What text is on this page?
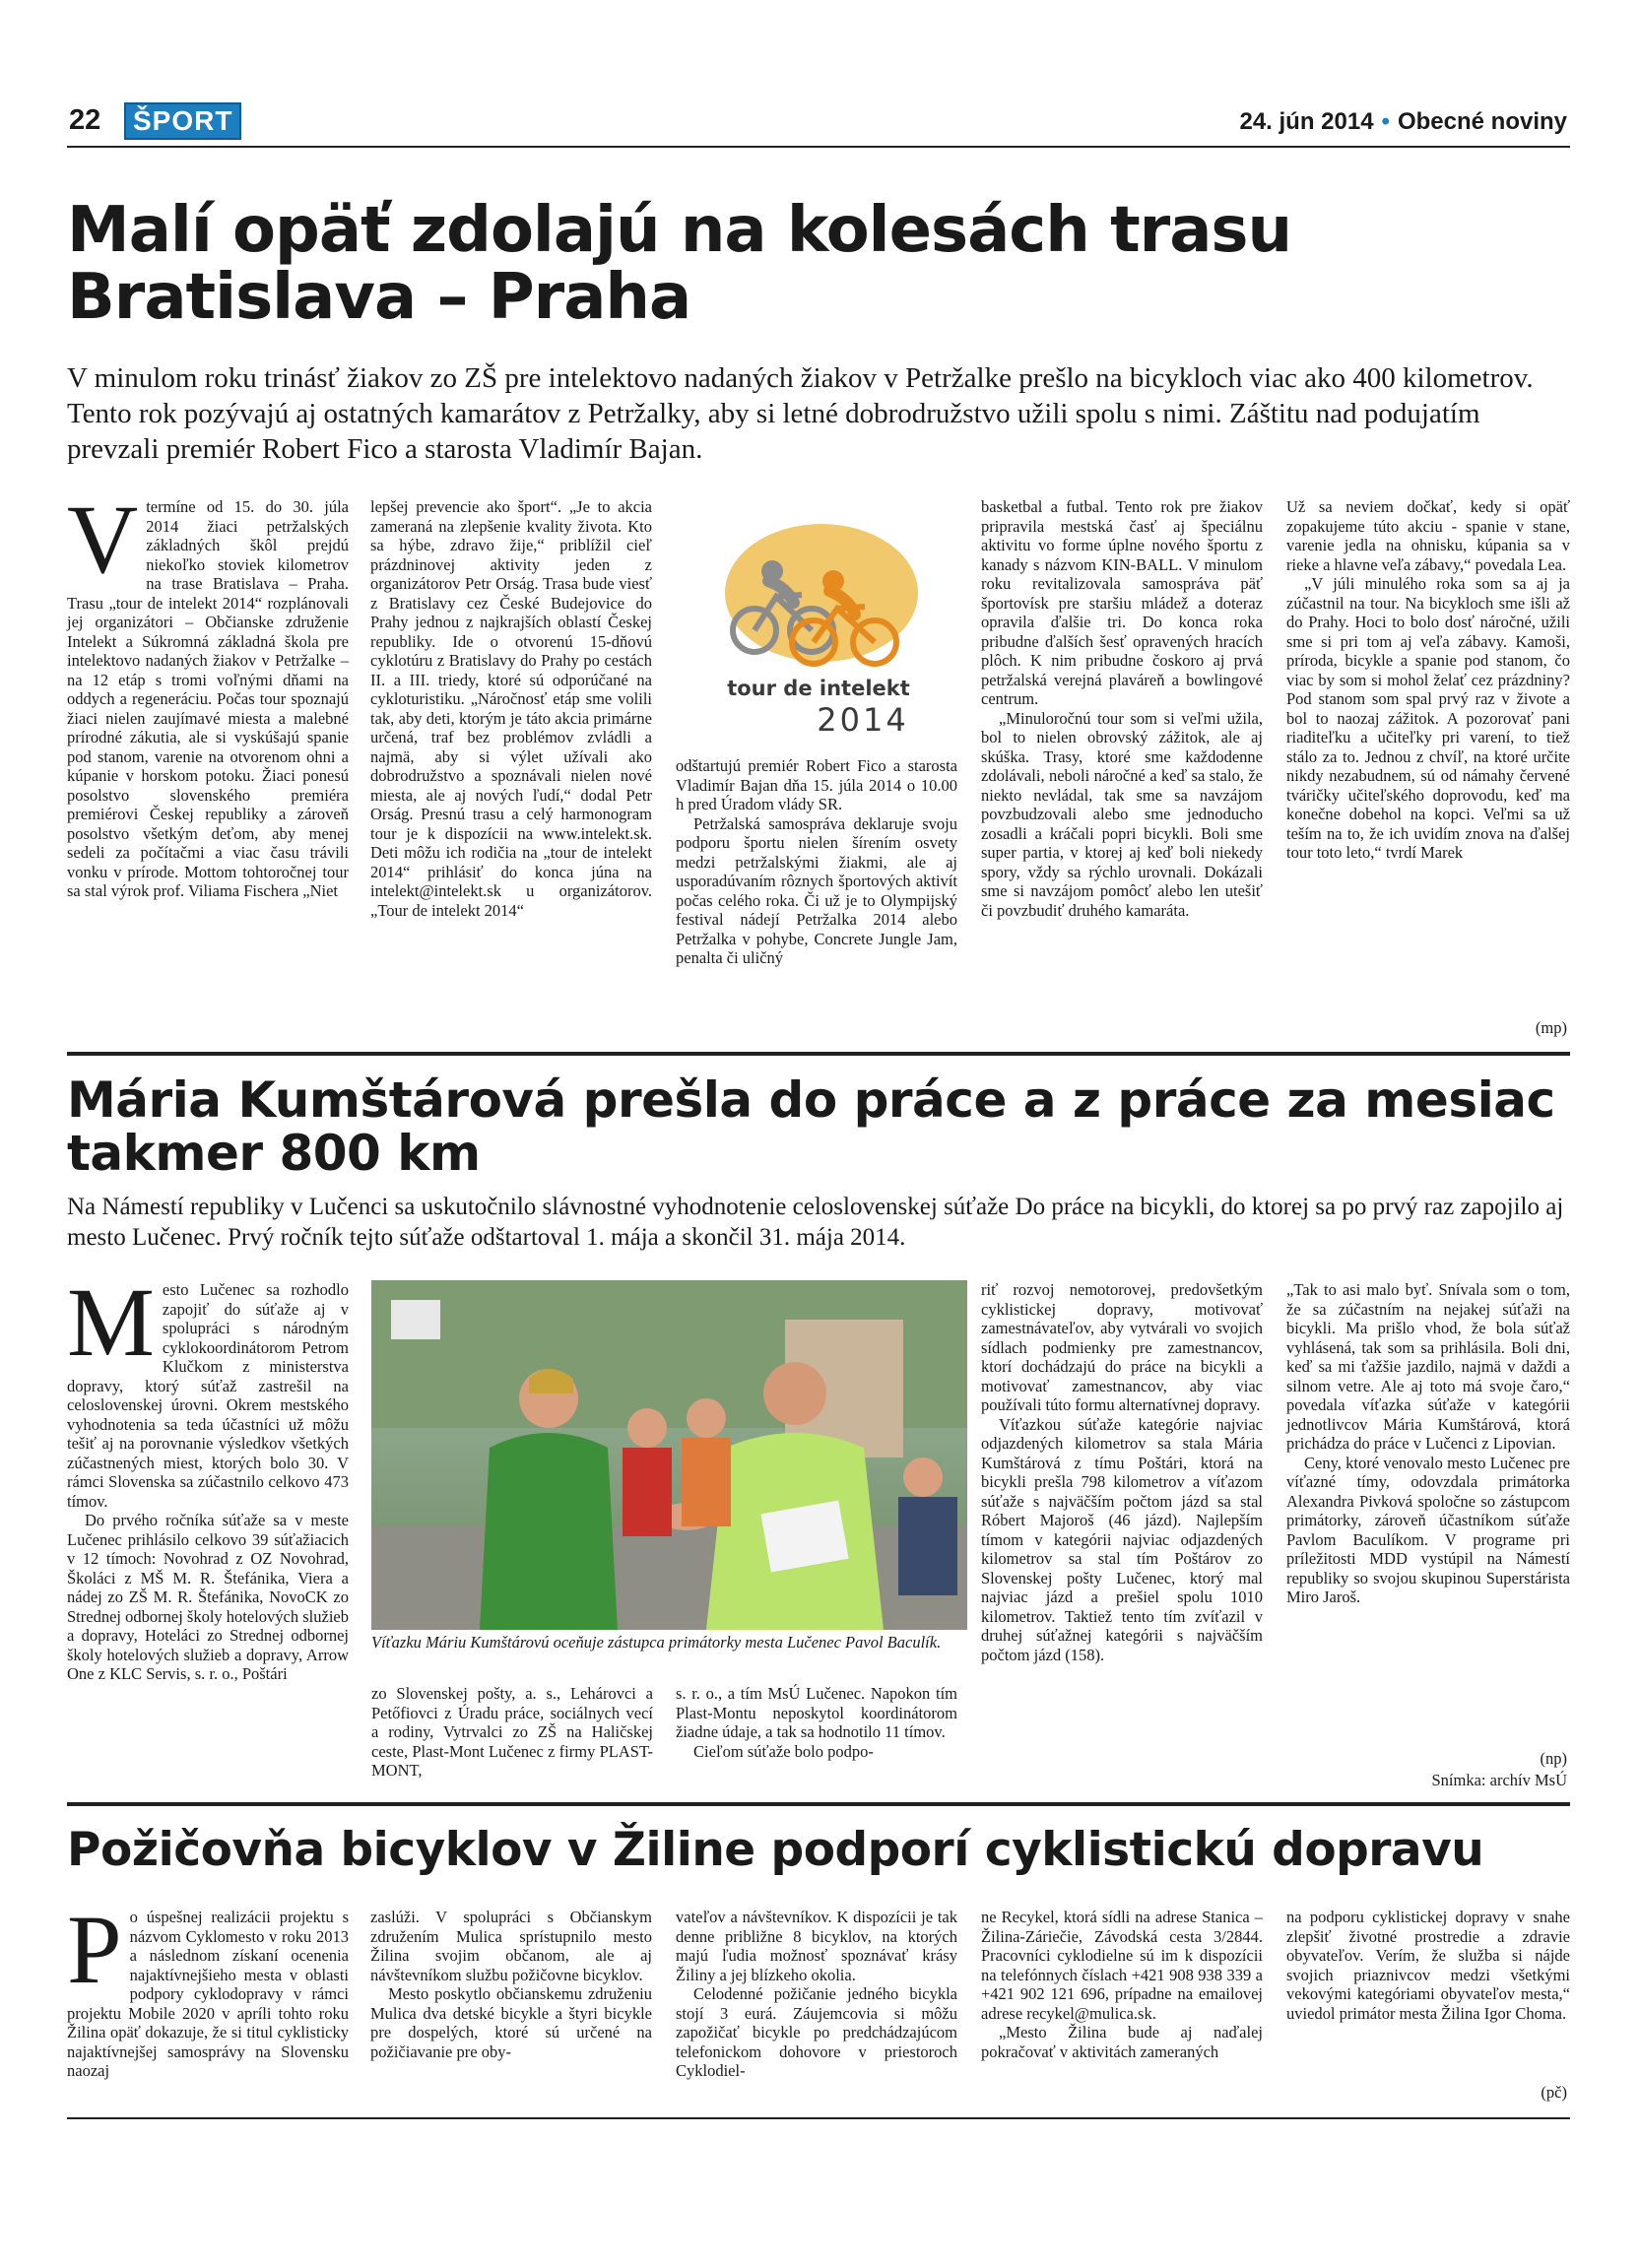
22	ŠPORT	24. jún 2014 • Obecné noviny
Malí opäť zdolajú na kolesách trasu Bratislava – Praha

V minulom roku trinásť žiakov zo ZŠ pre intelektovo nadaných žiakov v Petržalke prešlo na bicykloch viac ako 400 kilometrov. Tento rok pozývajú aj ostatných kamarátov z Petržalky, aby si letné dobrodružstvo užili spolu s nimi. Záštitu nad podujatím prevzali premiér Robert Fico a starosta Vladimír Bajan.

V termíne od 15. do 30. júla 2014 žiaci petržalských základných škôl prejdú niekoľko stoviek kilometrov na trase Bratislava – Praha. Trasu „tour de intelekt 2014“ rozplánovali jej organizátori – Občianske združenie Intelekt a Súkromná základná škola pre intelektovo nadaných žiakov v Petržalke – na 12 etáp s tromi voľnými dňami na oddych a regeneráciu. Počas tour spoznajú žiaci nielen zaujímavé miesta a malebné prírodné zákutia, ale si vyskúšajú spanie pod stanom, varenie na otvorenom ohni a kúpanie v horskom potoku. Žiaci ponesú posolstvo slovenského premiéra premiérovi Českej republiky a zároveň posolstvo všetkým deťom, aby menej sedeli za počítačmi a viac času trávili vonku v prírode. Mottom tohtoročnej tour sa stal výrok prof. Viliama Fischera „Niet
lepšej prevencie ako šport“. „Je to akcia zameraná na zlepšenie kvality života. Kto sa hýbe, zdravo žije,“ priblížil cieľ prázdninovej aktivity jeden z organizátorov Petr Orság. Trasa bude viesť z Bratislavy cez České Budejovice do Prahy jednou z najkrajších oblastí Českej republiky. Ide o otvorenú 15-dňovú cyklotúru z Bratislavy do Prahy po cestách II. a III. triedy, ktoré sú odporúčané na cykloturistiku. „Náročnosť etáp sme volili tak, aby deti, ktorým je táto akcia primárne určená, traf bez problémov zvládli a najmä, aby si výlet užívali ako dobrodružstvo a spoznávali nielen nové miesta, ale aj nových ľudí,“ dodal Petr Orság. Presnú trasu a celý harmonogram tour je k dispozícii na www.intelekt.sk. Deti môžu ich rodičia na „tour de intelekt 2014“ prihlásiť do konca júna na intelekt@intelekt.sk u organizátorov. „Tour de intelekt 2014“
tour de intelekt
2014

odštartujú premiér Robert Fico a starosta Vladimír Bajan dňa 15. júla 2014 o 10.00 h pred Úradom vlády SR.

Petržalská samospráva deklaruje svoju podporu športu nielen šírením osvety medzi petržalskými žiakmi, ale aj usporadúvaním rôznych športových aktivít počas celého roka. Či už je to Olympijský festival nádejí Petržalka 2014 alebo Petržalka v pohybe, Concrete Jungle Jam, penalta či uličný

basketbal a futbal. Tento rok pre žiakov pripravila mestská časť aj špeciálnu aktivitu vo forme úplne nového športu z kanady s názvom KIN-BALL. V minulom roku revitalizovala samospráva päť športovísk pre staršiu mládež a doteraz opravila ďalšie tri. Do konca roka pribudne ďalších šesť opravených hracích plôch. K nim pribudne čoskoro aj prvá petržalská verejná plaváreň a bowlingové centrum.

„Minuloročnú tour som si veľmi užila, bol to nielen obrovský zážitok, ale aj skúška. Trasy, ktoré sme každodenne zdolávali, neboli náročné a keď sa stalo, že niekto nevládal, tak sme sa navzájom povzbudzovali alebo sme jednoducho zosadli a kráčali popri bicykli. Boli sme super partia, v ktorej aj keď boli niekedy spory, vždy sa rýchlo urovnali. Dokázali sme si navzájom pomôcť alebo len utešiť či povzbudiť druhého kamaráta.

Už sa neviem dočkať, kedy si opäť zopakujeme túto akciu - spanie v stane, varenie jedla na ohnisku, kúpania sa v rieke a hlavne veľa zábavy,“ povedala Lea.

„V júli minulého roka som sa aj ja zúčastnil na tour. Na bicykloch sme išli až do Prahy. Hoci to bolo dosť náročné, užili sme si pri tom aj veľa zábavy. Kamoši, príroda, bicykle a spanie pod stanom, čo viac by som si mohol želať cez prázdniny? Pod stanom som spal prvý raz v živote a bol to naozaj zážitok. A pozorovať pani riaditeľku a učiteľky pri varení, to tiež stálo za to. Jednou z chvíľ, na ktoré určite nikdy nezabudnem, sú od námahy červené tváričky učiteľského doprovodu, keď ma konečne dobehol na kopci. Veľmi sa už teším na to, že ich uvidím znova na ďalšej tour toto leto,“ tvrdí Marek

(mp)
Mária Kumštárová prešla do práce a z práce za mesiac takmer 800 km

Na Námestí republiky v Lučenci sa uskutočnilo slávnostné vyhodnotenie celoslovenskej súťaže Do práce na bicykli, do ktorej sa po prvý raz zapojilo aj mesto Lučenec. Prvý ročník tejto súťaže odštartoval 1. mája a skončil 31. mája 2014.

Mesto Lučenec sa rozhodlo zapojiť do súťaže aj v spolupráci s národným cyklokoordinátorom Petrom Klučkom z ministerstva dopravy, ktorý súťaž zastrešil na celoslovenskej úrovni. Okrem mestského vyhodnotenia sa teda účastníci už môžu tešiť aj na porovnanie výsledkov všetkých zúčastnených miest, ktorých bolo 30. V rámci Slovenska sa zúčastnilo celkovo 473 tímov.

Do prvého ročníka súťaže sa v meste Lučenec prihlásilo celkovo 39 súťažiacich v 12 tímoch: Novohrad z OZ Novohrad, Školáci z MŠ M. R. Štefánika, Viera a nádej zo ZŠ M. R. Štefánika, NovoCK zo Strednej odbornej školy hotelových služieb a dopravy, Hoteláci zo Strednej odbornej školy hotelových služieb a dopravy, Arrow One z KLC Servis, s. r. o., Poštári

Víťazku Máriu Kumštárovú oceňuje zástupca primátorky mesta Lučenec Pavol Baculík.

zo Slovenskej pošty, a. s., Lehárovci a Petőfiovci z Úradu práce, sociálnych vecí a rodiny, Vytrvalci zo ZŠ na Haličskej ceste, Plast-Mont Lučenec z firmy PLAST-MONT,

s. r. o., a tím MsÚ Lučenec. Napokon tím Plast-Montu neposkytol koordinátorom žiadne údaje, a tak sa hodnotilo 11 tímov.

Cieľom súťaže bolo podpo-

riť rozvoj nemotorovej, predovšetkým cyklistickej dopravy, motivovať zamestnávateľov, aby vytvárali vo svojich sídlach podmienky pre zamestnancov, ktorí dochádzajú do práce na bicykli a motivovať zamestnancov, aby viac používali túto formu alternatívnej dopravy.

Víťazkou súťaže kategórie najviac odjazdených kilometrov sa stala Mária Kumštárová z tímu Poštári, ktorá na bicykli prešla 798 kilometrov a víťazom súťaže s najväčším počtom jázd sa stal Róbert Majoroš (46 jázd). Najlepším tímom v kategórii najviac odjazdených kilometrov sa stal tím Poštárov zo Slovenskej pošty Lučenec, ktorý mal najviac jázd a prešiel spolu 1010 kilometrov. Taktiež tento tím zvíťazil v druhej súťažnej kategórii s najväčším počtom jázd (158).

„Tak to asi malo byť. Snívala som o tom, že sa zúčastním na nejakej súťaži na bicykli. Ma prišlo vhod, že bola súťaž vyhlásená, tak som sa prihlásila. Boli dni, keď sa mi ťažšie jazdilo, najmä v daždi a silnom vetre. Ale aj toto má svoje čaro,“ povedala víťazka súťaže v kategórii jednotlivcov Mária Kumštárová, ktorá prichádza do práce v Lučenci z Lipovian.

Ceny, ktoré venovalo mesto Lučenec pre víťazné tímy, odovzdala primátorka Alexandra Pivková spoločne so zástupcom primátorky, zároveň účastníkom súťaže Pavlom Baculíkom. V programe pri príležitosti MDD vystúpil na Námestí republiky so svojou skupinou Superstárista Miro Jaroš.

(np)
Snímka: archív MsÚ
Požičovňa bicyklov v Žiline podporí cyklistickú dopravu
Po úspešnej realizácii projektu s názvom Cyklomesto v roku 2013 a následnom získaní ocenenia najaktívnejšieho mesta v oblasti podpory cyklodopravy v rámci projektu Mobile 2020 v apríli tohto roku Žilina opäť dokazuje, že si titul cyklisticky najaktívnejšej samosprávy na Slovensku naozaj

zaslúži. V spolupráci s Občianskym združením Mulica sprístupnilo mesto Žilina svojim občanom, ale aj návštevníkom službu požičovne bicyklov.

Mesto poskytlo občianskemu združeniu Mulica dva detské bicykle a štyri bicykle pre dospelých, ktoré sú určené na požičiavanie pre oby-

vateľov a návštevníkov. K dispozícii je tak denne približne 8 bicyklov, na ktorých majú ľudia možnosť spoznávať krásy Žiliny a jej blízkeho okolia.

Celodenné požičanie jedného bicykla stojí 3 eurá. Záujemcovia si môžu zapožičať bicykle po predchádzajúcom telefonickom dohovore v priestoroch Cyklodiel-

ne Recykel, ktorá sídli na adrese Stanica – Žilina-Záriečie, Závodská cesta 3/2844. Pracovníci cyklodielne sú im k dispozícii na telefónnych číslach +421 908 938 339 a +421 902 121 696, prípadne na emailovej adrese recykel@mulica.sk.

„Mesto Žilina bude aj naďalej pokračovať v aktivitách zameraných

na podporu cyklistickej dopravy v snahe zlepšiť životné prostredie a zdravie obyvateľov. Verím, že služba si nájde svojich priaznivcov medzi všetkými vekovými kategóriami obyvateľov mesta,“ uviedol primátor mesta Žilina Igor Choma.

(pč)
